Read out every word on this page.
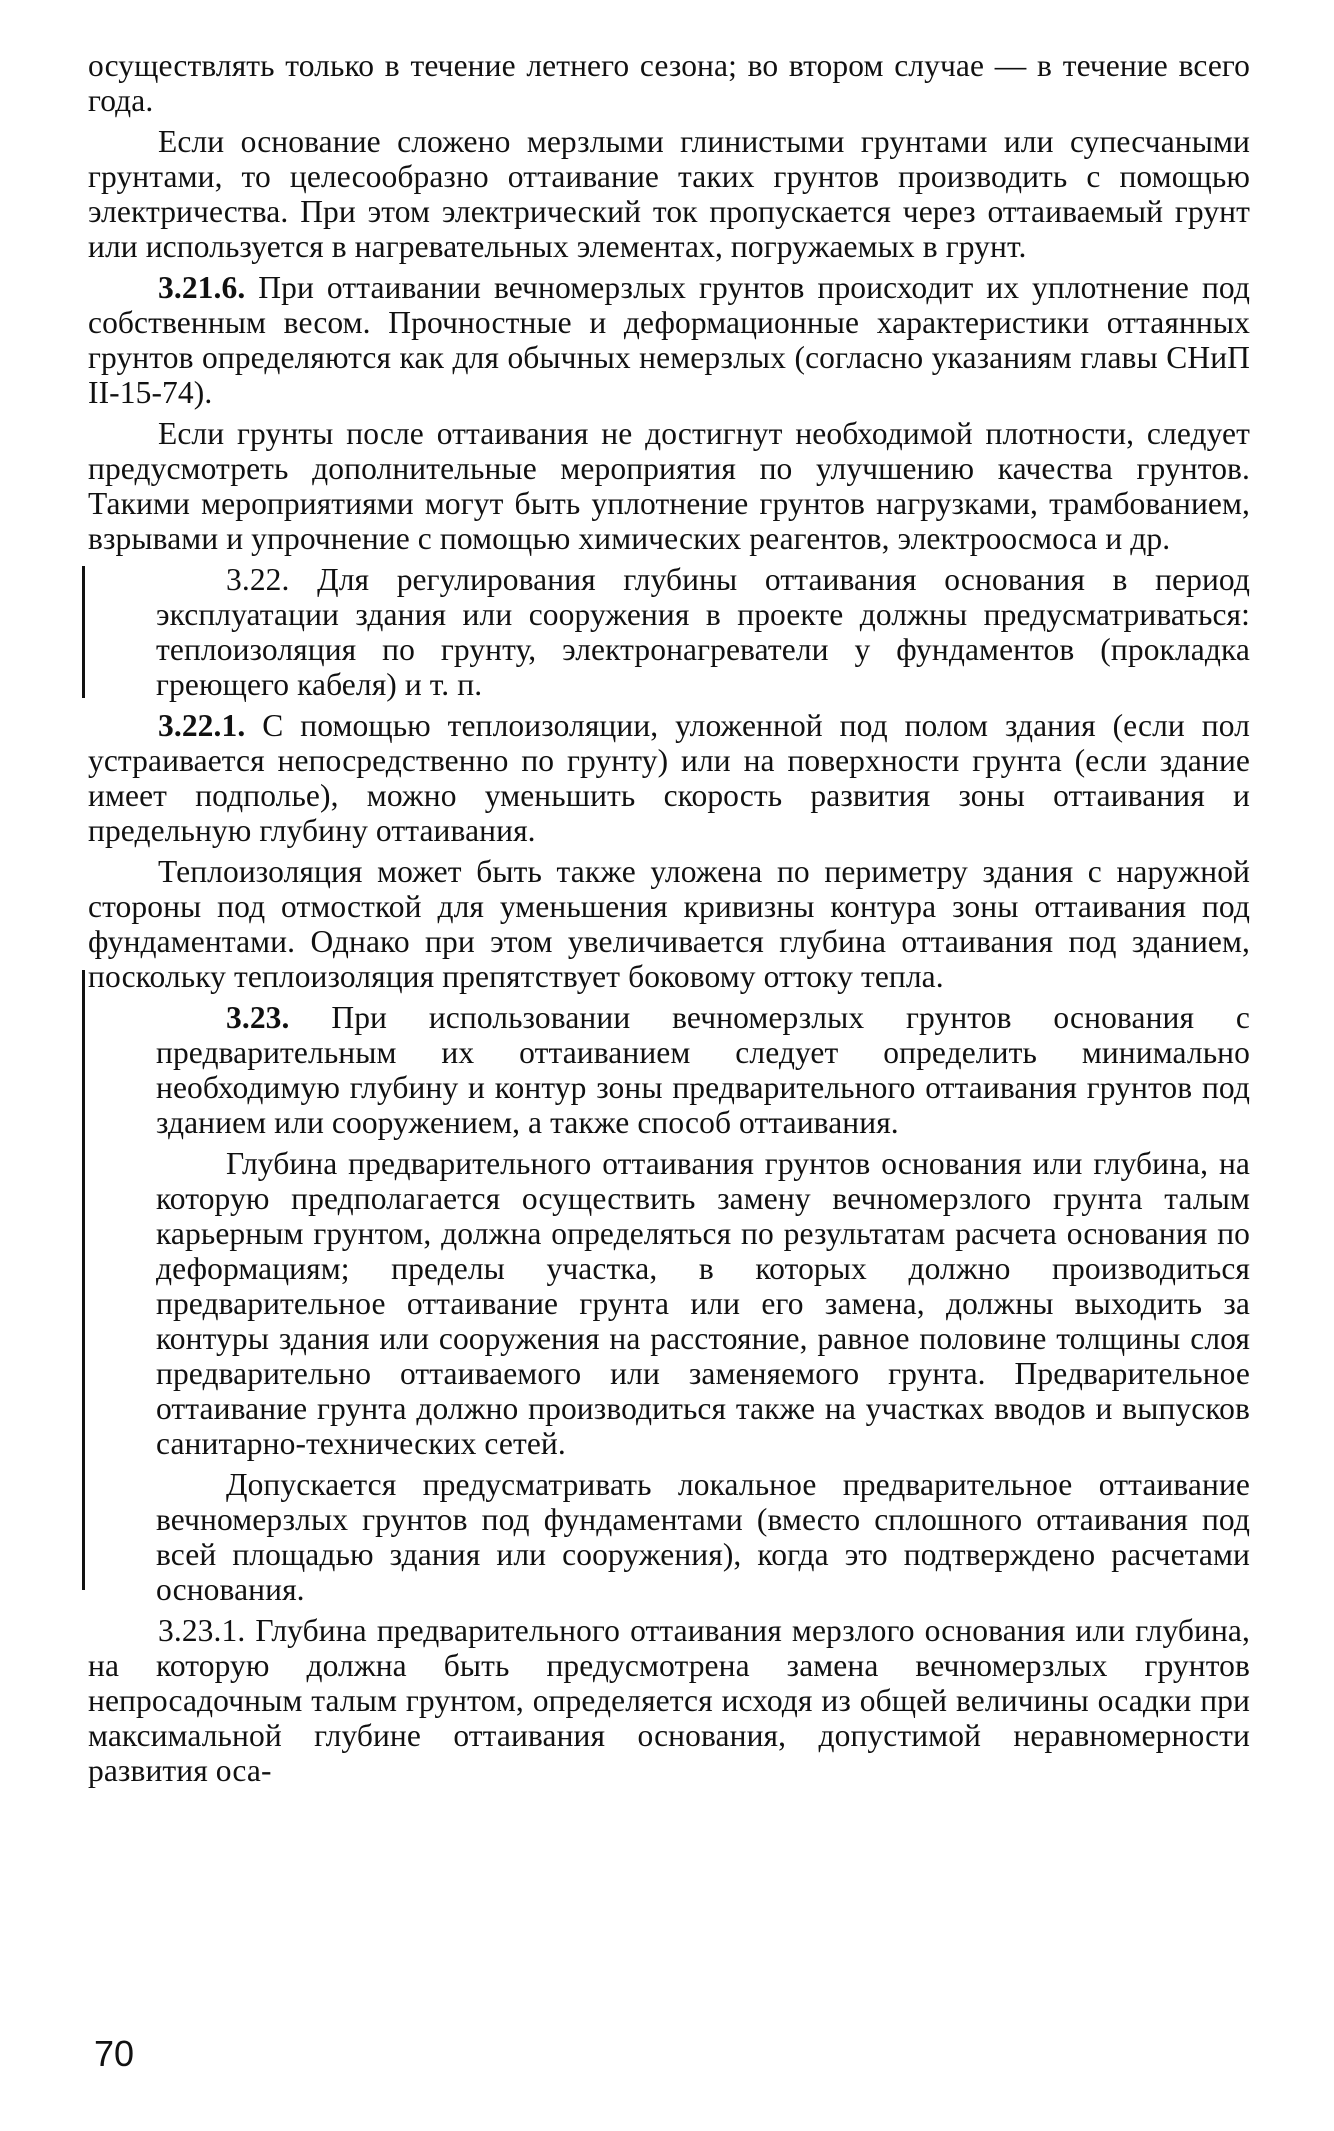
осуществлять только в течение летнего сезона; во втором случае — в течение всего года.

Если основание сложено мерзлыми глинистыми грунтами или супесчаными грунтами, то целесообразно оттаивание таких грунтов производить с помощью электричества. При этом электрический ток пропускается через оттаиваемый грунт или используется в нагревательных элементах, погружаемых в грунт.

3.21.6. При оттаивании вечномерзлых грунтов происходит их уплотнение под собственным весом. Прочностные и деформационные характеристики оттаянных грунтов определяются как для обычных немерзлых (согласно указаниям главы СНиП II-15-74).

Если грунты после оттаивания не достигнут необходимой плотности, следует предусмотреть дополнительные мероприятия по улучшению качества грунтов. Такими мероприятиями могут быть уплотнение грунтов нагрузками, трамбованием, взрывами и упрочнение с помощью химических реагентов, электроосмоса и др.

3.22. Для регулирования глубины оттаивания основания в период эксплуатации здания или сооружения в проекте должны предусматриваться: теплоизоляция по грунту, электронагреватели у фундаментов (прокладка греющего кабеля) и т. п.

3.22.1. С помощью теплоизоляции, уложенной под полом здания (если пол устраивается непосредственно по грунту) или на поверхности грунта (если здание имеет подполье), можно уменьшить скорость развития зоны оттаивания и предельную глубину оттаивания.

Теплоизоляция может быть также уложена по периметру здания с наружной стороны под отмосткой для уменьшения кривизны контура зоны оттаивания под фундаментами. Однако при этом увеличивается глубина оттаивания под зданием, поскольку теплоизоляция препятствует боковому оттоку тепла.

3.23. При использовании вечномерзлых грунтов основания с предварительным их оттаиванием следует определить минимально необходимую глубину и контур зоны предварительного оттаивания грунтов под зданием или сооружением, а также способ оттаивания.

Глубина предварительного оттаивания грунтов основания или глубина, на которую предполагается осуществить замену вечномерзлого грунта талым карьерным грунтом, должна определяться по результатам расчета основания по деформациям; пределы участка, в которых должно производиться предварительное оттаивание грунта или его замена, должны выходить за контуры здания или сооружения на расстояние, равное половине толщины слоя предварительно оттаиваемого или заменяемого грунта. Предварительное оттаивание грунта должно производиться также на участках вводов и выпусков санитарно-технических сетей.

Допускается предусматривать локальное предварительное оттаивание вечномерзлых грунтов под фундаментами (вместо сплошного оттаивания под всей площадью здания или сооружения), когда это подтверждено расчетами основания.

3.23.1. Глубина предварительного оттаивания мерзлого основания или глубина, на которую должна быть предусмотрена замена вечномерзлых грунтов непросадочным талым грунтом, определяется исходя из общей величины осадки при максимальной глубине оттаивания основания, допустимой неравномерности развития оса-

70
